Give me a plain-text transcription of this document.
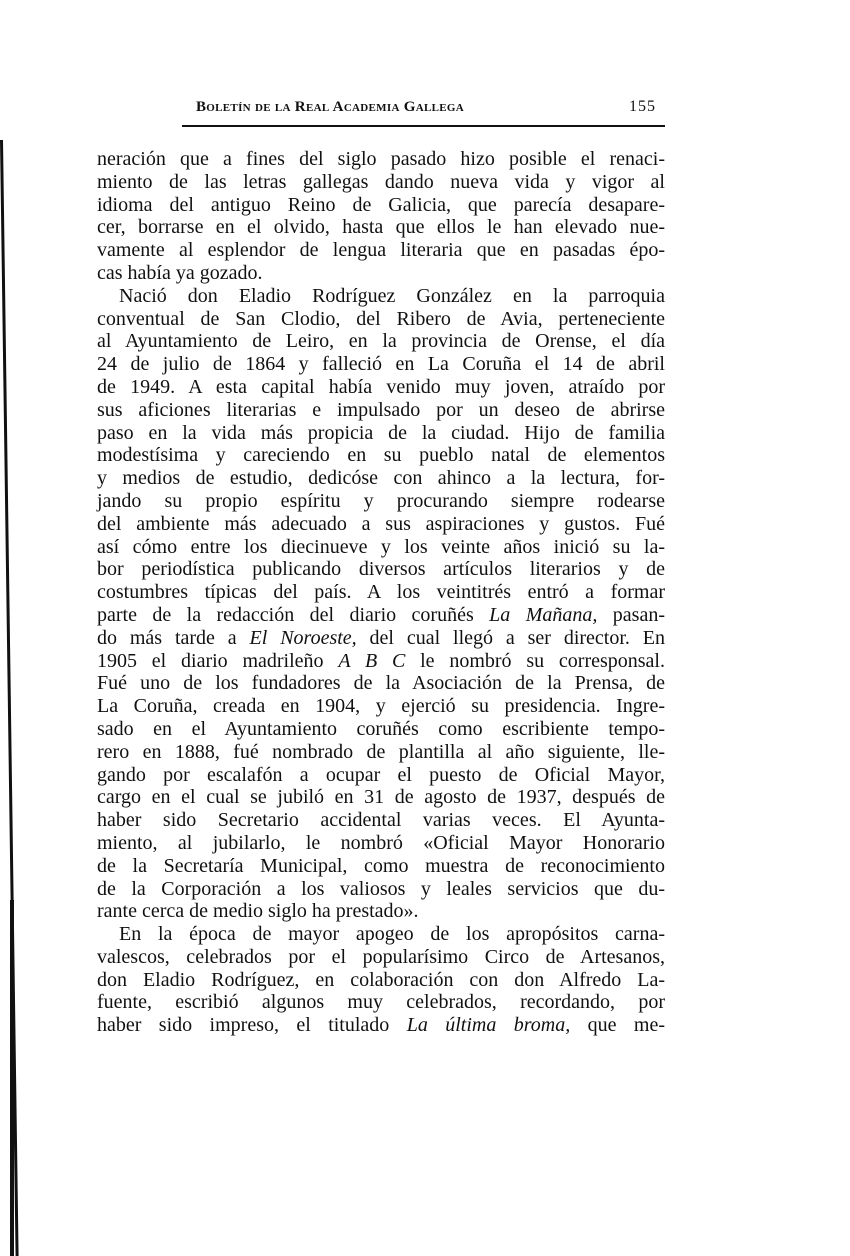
Boletín de la Real Academia Gallega	155
neración que a fines del siglo pasado hizo posible el renaci-
miento de las letras gallegas dando nueva vida y vigor al
idioma del antiguo Reino de Galicia, que parecía desapare-
cer, borrarse en el olvido, hasta que ellos le han elevado nue-
vamente al esplendor de lengua literaria que en pasadas épo-
cas había ya gozado.
Nació don Eladio Rodríguez González en la parroquia
conventual de San Clodio, del Ribero de Avia, perteneciente
al Ayuntamiento de Leiro, en la provincia de Orense, el día
24 de julio de 1864 y falleció en La Coruña el 14 de abril
de 1949. A esta capital había venido muy joven, atraído por
sus aficiones literarias e impulsado por un deseo de abrirse
paso en la vida más propicia de la ciudad. Hijo de familia
modestísima y careciendo en su pueblo natal de elementos
y medios de estudio, dedicóse con ahinco a la lectura, for-
jando su propio espíritu y procurando siempre rodearse
del ambiente más adecuado a sus aspiraciones y gustos. Fué
así cómo entre los diecinueve y los veinte años inició su la-
bor periodística publicando diversos artículos literarios y de
costumbres típicas del país. A los veintitrés entró a formar
parte de la redacción del diario coruñés La Mañana, pasan-
do más tarde a El Noroeste, del cual llegó a ser director. En
1905 el diario madrileño A B C le nombró su corresponsal.
Fué uno de los fundadores de la Asociación de la Prensa, de
La Coruña, creada en 1904, y ejerció su presidencia. Ingre-
sado en el Ayuntamiento coruñés como escribiente tempo-
rero en 1888, fué nombrado de plantilla al año siguiente, lle-
gando por escalafón a ocupar el puesto de Oficial Mayor,
cargo en el cual se jubiló en 31 de agosto de 1937, después de
haber sido Secretario accidental varias veces. El Ayunta-
miento, al jubilarlo, le nombró «Oficial Mayor Honorario
de la Secretaría Municipal, como muestra de reconocimiento
de la Corporación a los valiosos y leales servicios que du-
rante cerca de medio siglo ha prestado».
En la época de mayor apogeo de los apropósitos carna-
valescos, celebrados por el popularísimo Circo de Artesanos,
don Eladio Rodríguez, en colaboración con don Alfredo La-
fuente, escribió algunos muy celebrados, recordando, por
haber sido impreso, el titulado La última broma, que me-
